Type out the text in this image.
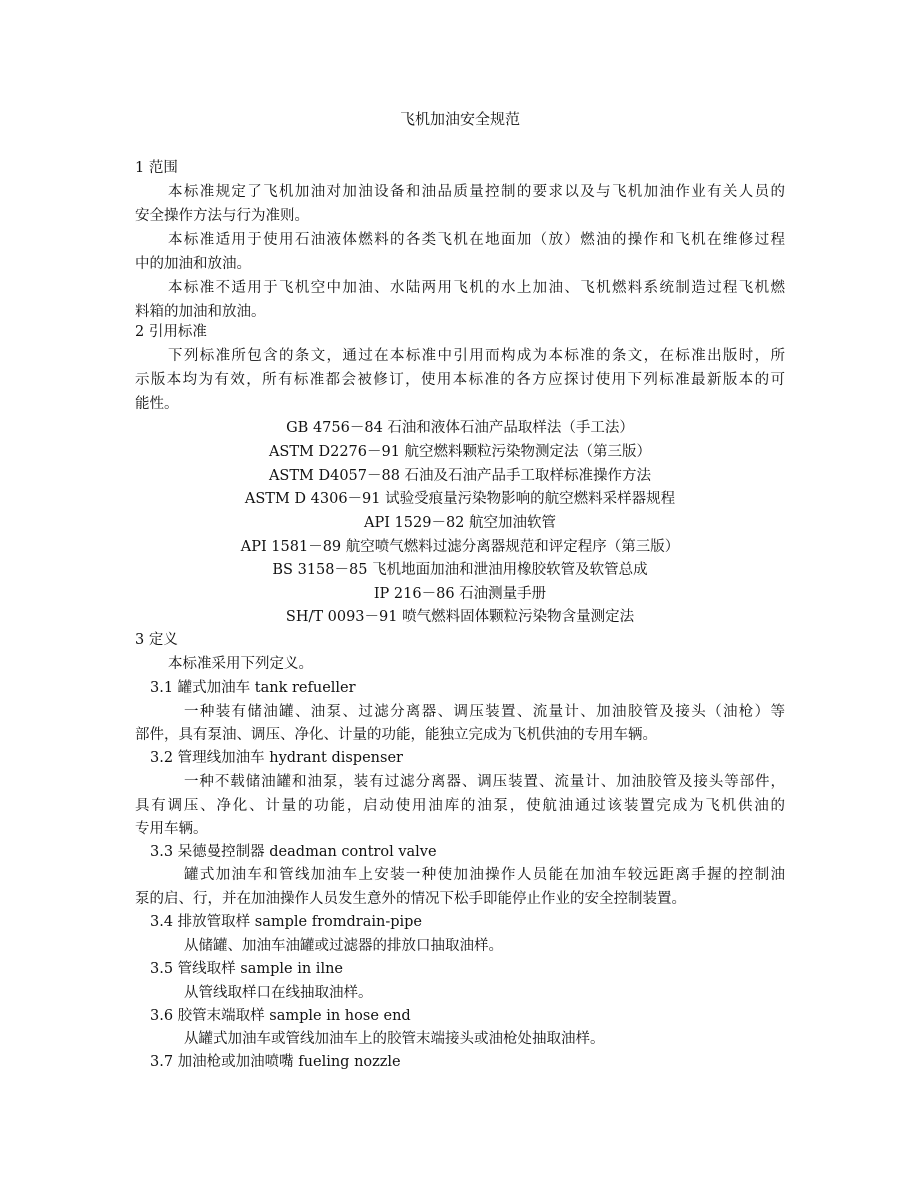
飞机加油安全规范
1 范围
本标准规定了飞机加油对加油设备和油品质量控制的要求以及与飞机加油作业有关人员的
安全操作方法与行为准则。
本标准适用于使用石油液体燃料的各类飞机在地面加（放）燃油的操作和飞机在维修过程
中的加油和放油。
本标准不适用于飞机空中加油、水陆两用飞机的水上加油、飞机燃料系统制造过程飞机燃
料箱的加油和放油。
2 引用标准
下列标准所包含的条文，通过在本标准中引用而构成为本标准的条文，在标准出版时，所
示版本均为有效，所有标准都会被修订，使用本标准的各方应探讨使用下列标准最新版本的可
能性。
GB 4756－84 石油和液体石油产品取样法（手工法）
ASTM D2276－91 航空燃料颗粒污染物测定法（第三版）
ASTM D4057－88 石油及石油产品手工取样标准操作方法
ASTM D 4306－91 试验受痕量污染物影响的航空燃料采样器规程
API 1529－82 航空加油软管
API 1581－89 航空喷气燃料过滤分离器规范和评定程序（第三版）
BS 3158－85 飞机地面加油和泄油用橡胶软管及软管总成
IP 216－86 石油测量手册
SH/T 0093－91 喷气燃料固体颗粒污染物含量测定法
3 定义
本标准采用下列定义。
3.1 罐式加油车 tank refueller
一种装有储油罐、油泵、过滤分离器、调压装置、流量计、加油胶管及接头（油枪）等
部件，具有泵油、调压、净化、计量的功能，能独立完成为飞机供油的专用车辆。
3.2 管理线加油车 hydrant dispenser
一种不载储油罐和油泵，装有过滤分离器、调压装置、流量计、加油胶管及接头等部件，
具有调压、净化、计量的功能，启动使用油库的油泵，使航油通过该装置完成为飞机供油的
专用车辆。
3.3 呆德曼控制器 deadman control valve
罐式加油车和管线加油车上安装一种使加油操作人员能在加油车较远距离手握的控制油
泵的启、行，并在加油操作人员发生意外的情况下松手即能停止作业的安全控制装置。
3.4 排放管取样 sample fromdrain-pipe
从储罐、加油车油罐或过滤器的排放口抽取油样。
3.5 管线取样 sample in ilne
从管线取样口在线抽取油样。
3.6 胶管末端取样 sample in hose end
从罐式加油车或管线加油车上的胶管末端接头或油枪处抽取油样。
3.7 加油枪或加油喷嘴 fueling nozzle
